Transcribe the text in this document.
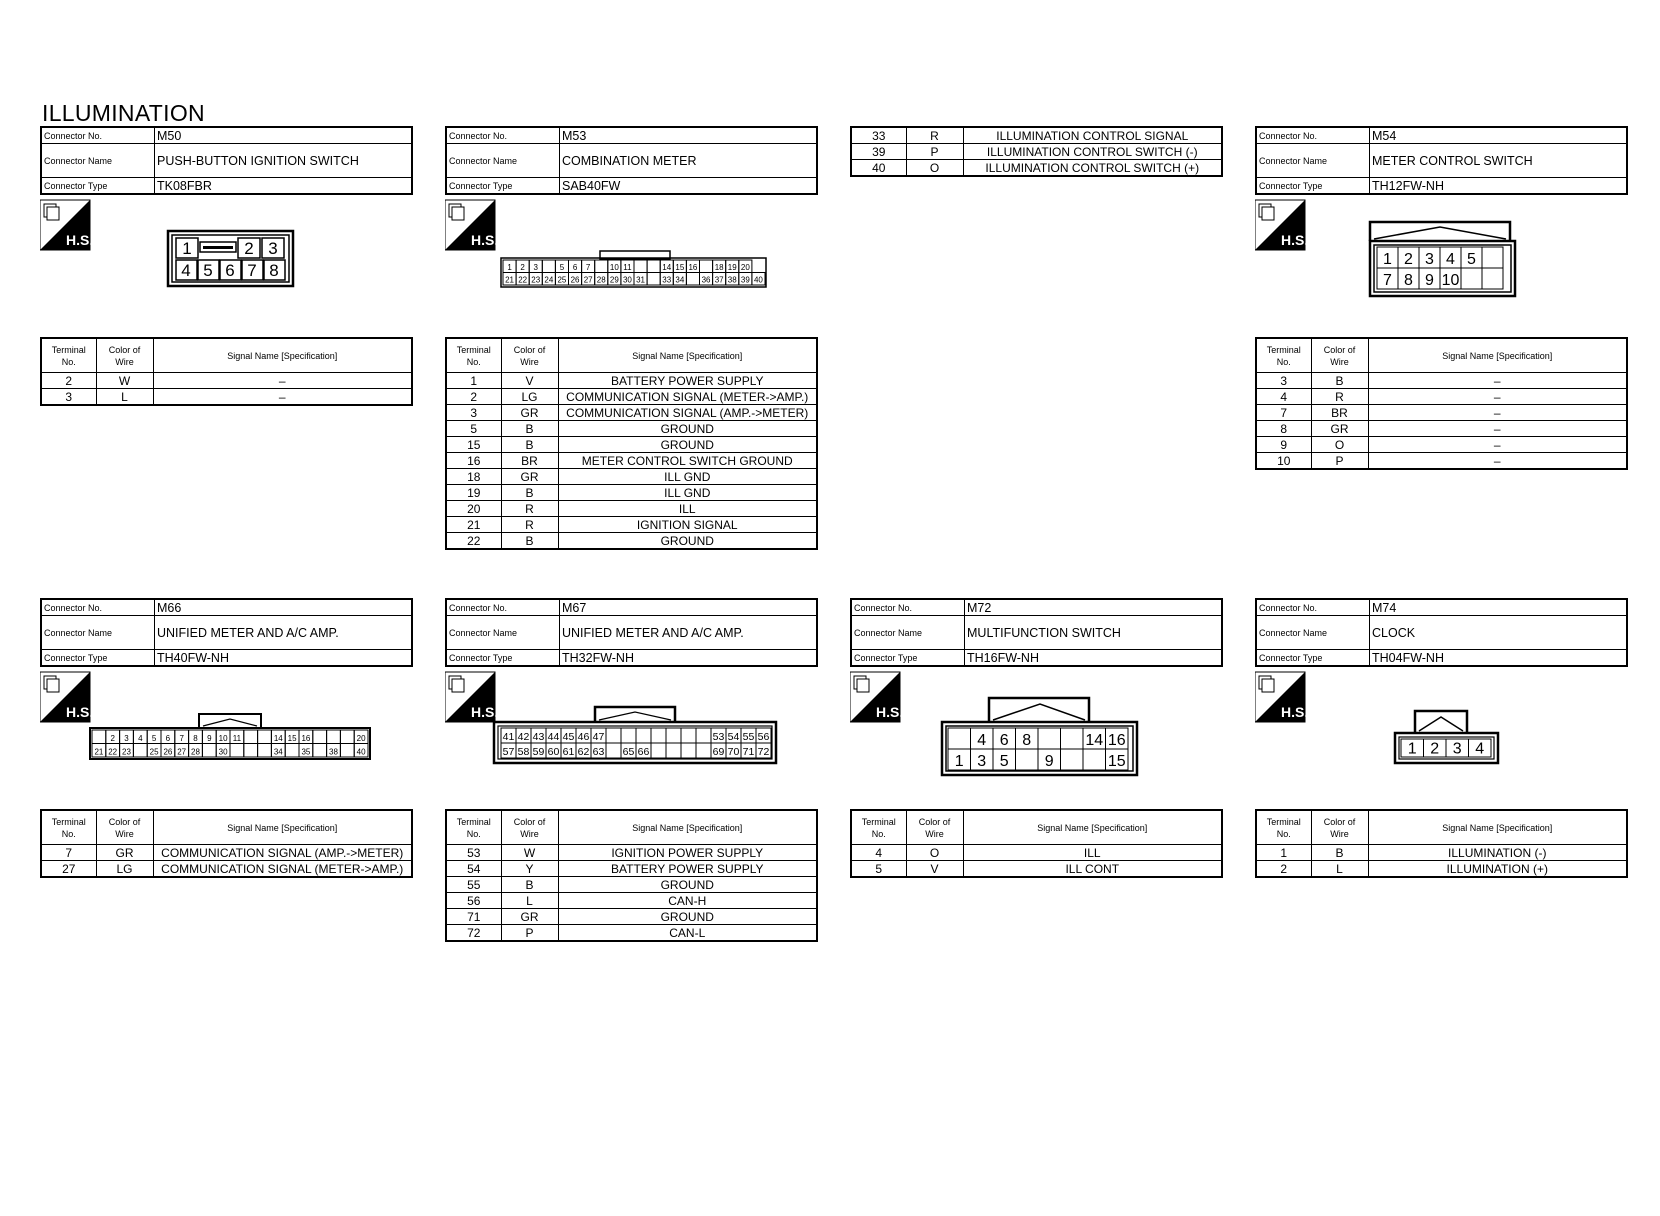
ILLUMINATION
Connector No.	M50
Connector Name	PUSH-BUTTON IGNITION SWITCH
Connector Type	TK08FBR
H.S.	1	2 3
4 5 6 7 8
Terminal No.	Color of Wire	Signal Name [Specification]
2	W	–
3	L	–
Connector No.	M53
Connector Name	COMBINATION METER
Connector Type	SAB40FW
H.S.
1 2 3	5 6 7 10 11	14 15 16 18 19 20
21 22 23 24 25 26 27 28 29 30 31 33 34 36 37 38 39 40
Terminal No.	Color of Wire	Signal Name [Specification]
1	V	BATTERY POWER SUPPLY
2	LG	COMMUNICATION SIGNAL (METER->AMP.)
3	GR	COMMUNICATION SIGNAL (AMP.->METER)
5	B	GROUND
15	B	GROUND
16	BR	METER CONTROL SWITCH GROUND
18	GR	ILL GND
19	B	ILL GND
20	R	ILL
21	R	IGNITION SIGNAL
22	B	GROUND
33	R	ILLUMINATION CONTROL SIGNAL
39	P	ILLUMINATION CONTROL SWITCH (-)
40	O	ILLUMINATION CONTROL SWITCH (+)
Connector No.	M54
Connector Name	METER CONTROL SWITCH
Connector Type	TH12FW-NH
H.S.
1 2 3 4 5
7 8 9 10
Terminal No.	Color of Wire	Signal Name [Specification]
3	B	–
4	R	–
7	BR	–
8	GR	–
9	O	–
10	P	–
Connector No.	M66
Connector Name	UNIFIED METER AND A/C AMP.
Connector Type	TH40FW-NH
H.S.
2 3 4 5 6 7 8 9 10 11	14 15 16	20
21 22 23 25 26 27 28 30	34 35 38 40
Terminal No.	Color of Wire	Signal Name [Specification]
7	GR	COMMUNICATION SIGNAL (AMP.->METER)
27	LG	COMMUNICATION SIGNAL (METER->AMP.)
Connector No.	M67
Connector Name	UNIFIED METER AND A/C AMP.
Connector Type	TH32FW-NH
H.S.
41 42 43 44 45 46 47	53 54 55 56
57 58 59 60 61 62 63 65 66	69 70 71 72
Terminal No.	Color of Wire	Signal Name [Specification]
53	W	IGNITION POWER SUPPLY
54	Y	BATTERY POWER SUPPLY
55	B	GROUND
56	L	CAN-H
71	GR	GROUND
72	P	CAN-L
Connector No.	M72
Connector Name	MULTIFUNCTION SWITCH
Connector Type	TH16FW-NH
H.S.
4 6 8	14 16
1 3 5 9	15
Terminal No.	Color of Wire	Signal Name [Specification]
4	O	ILL
5	V	ILL CONT
Connector No.	M74
Connector Name	CLOCK
Connector Type	TH04FW-NH
H.S.
1 2 3 4
Terminal No.	Color of Wire	Signal Name [Specification]
1	B	ILLUMINATION (-)
2	L	ILLUMINATION (+)
